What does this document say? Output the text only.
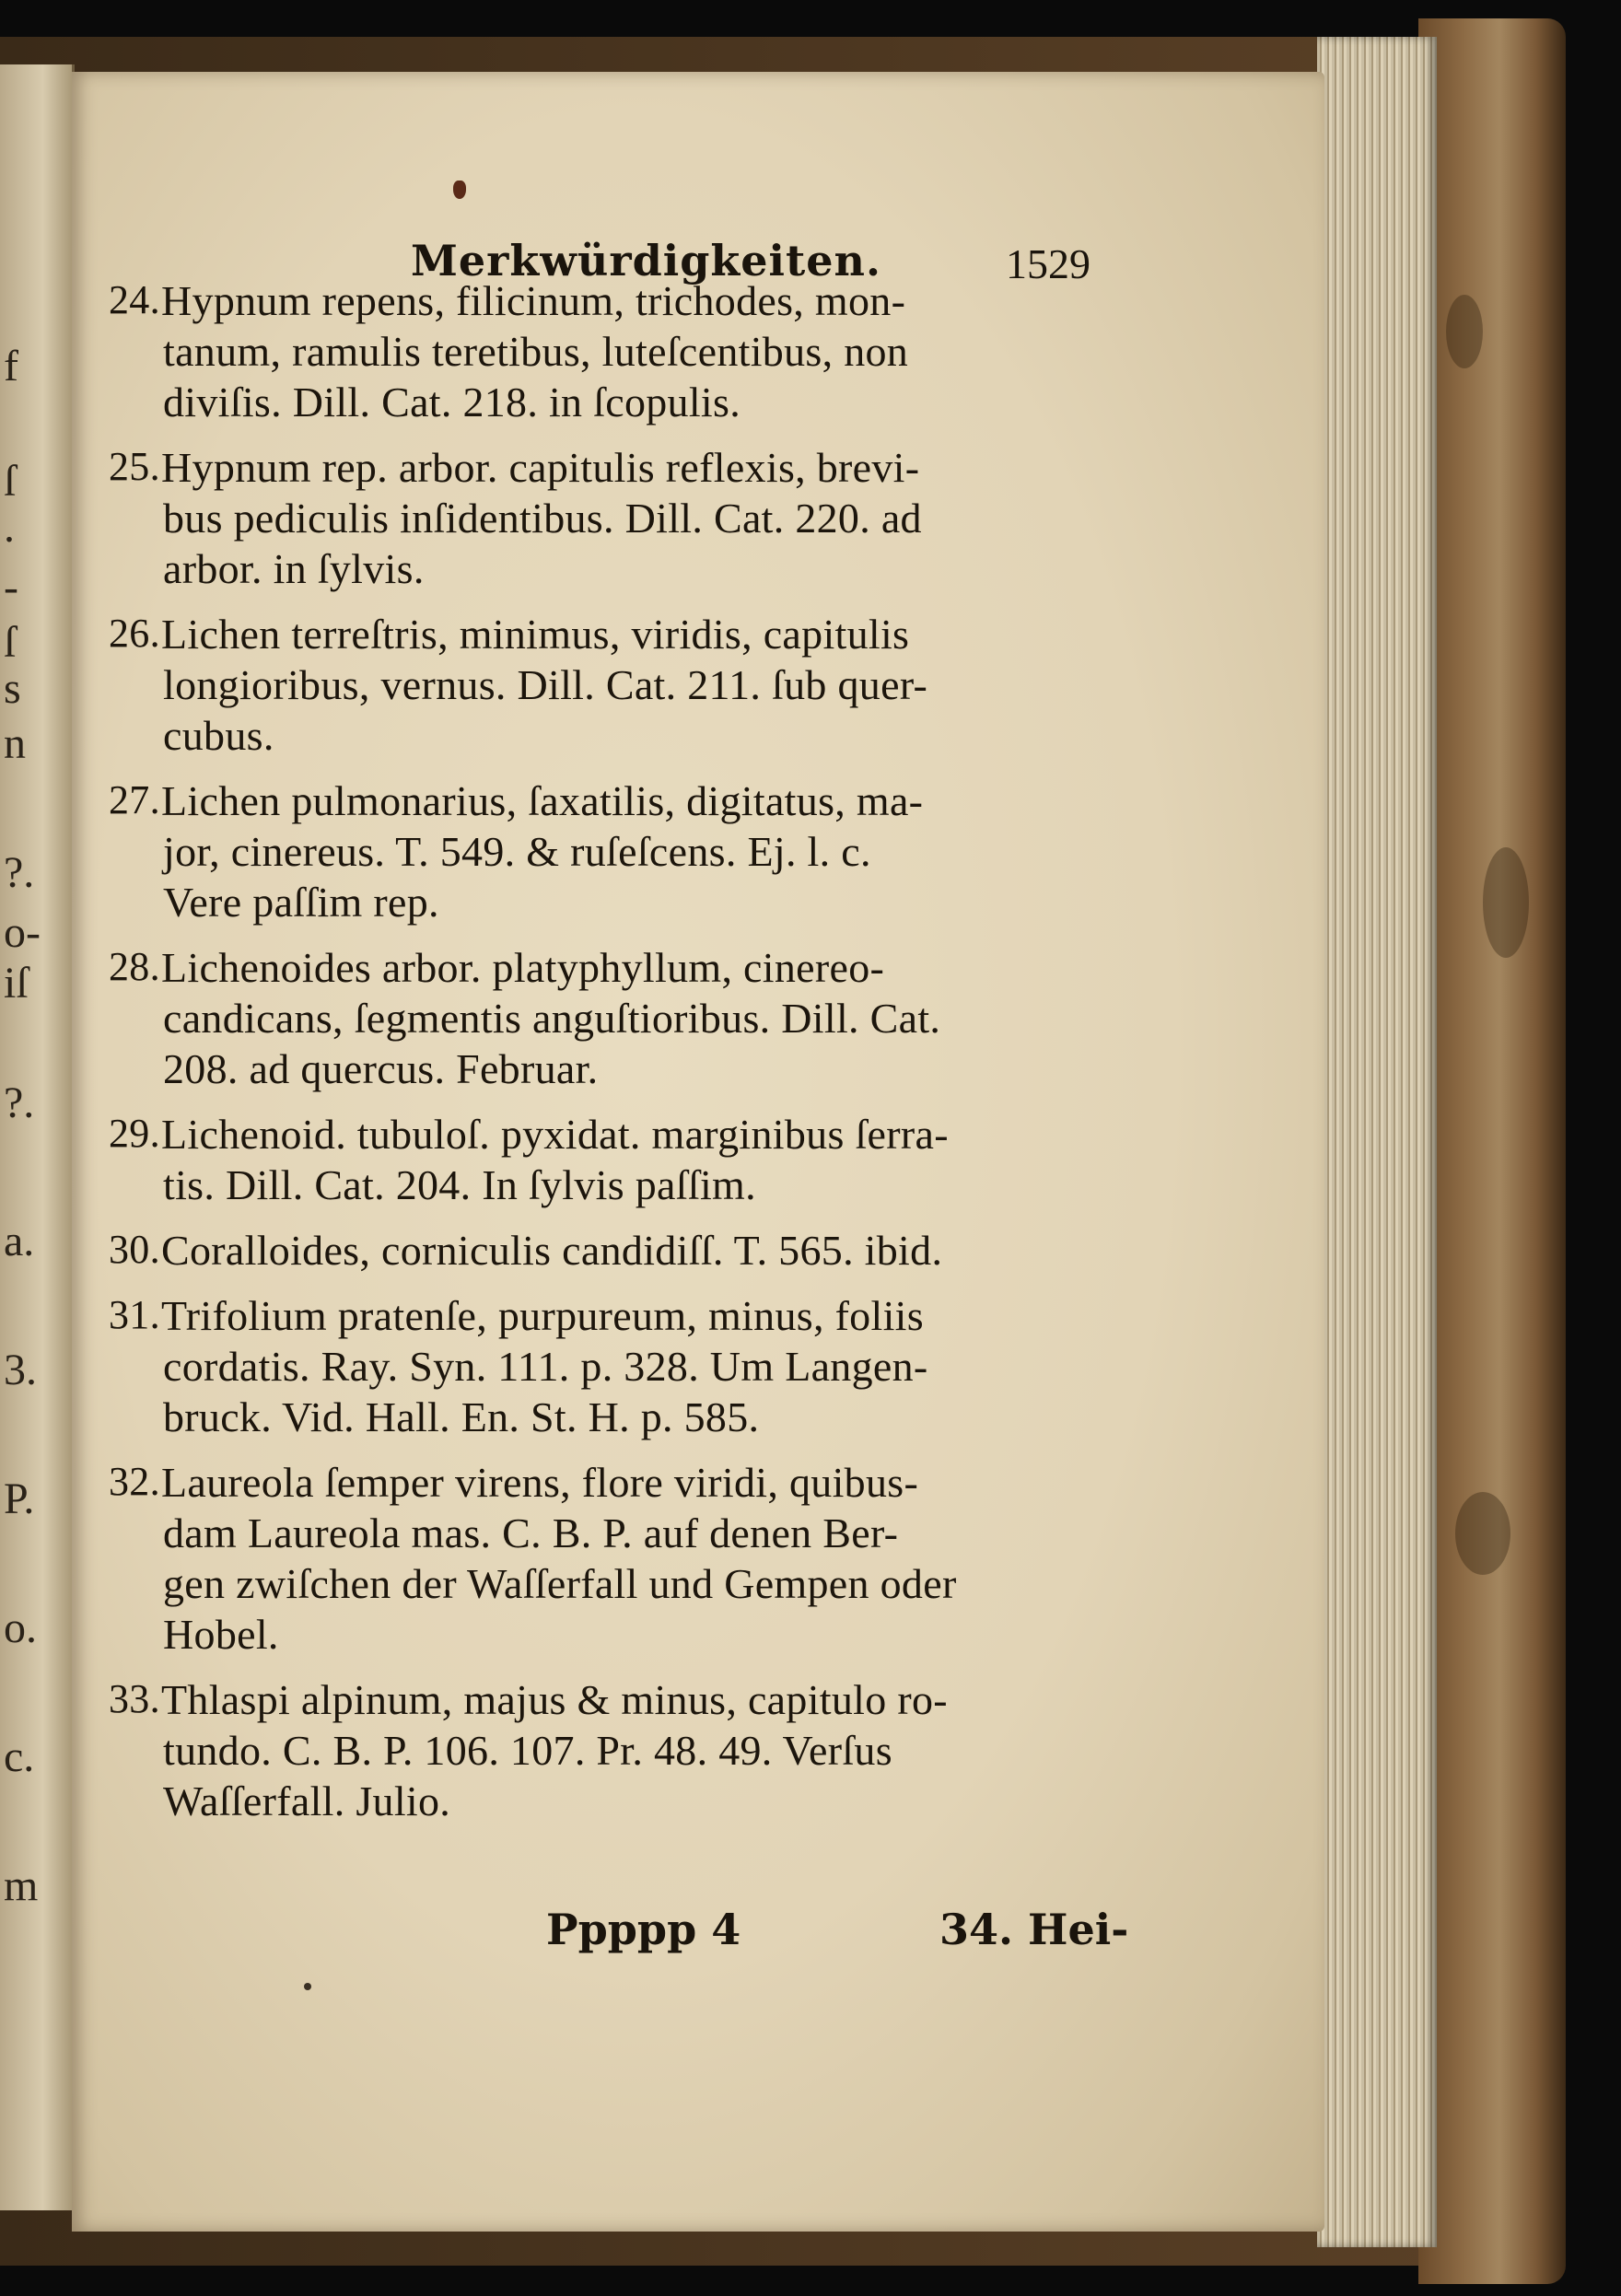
f
ſ
.
-
ſ
s
n
?.
o-
iſ
?.
a.
3.
P.
o.
c.
m
Merkwürdigkeiten.	1529
24. Hypnum repens, filicinum, trichodes, mon-
tanum, ramulis teretibus, luteſcentibus, non
diviſis. Dill. Cat. 218. in ſcopulis.
25. Hypnum rep. arbor. capitulis reflexis, brevi-
bus pediculis inſidentibus. Dill. Cat. 220. ad
arbor. in ſylvis.
26. Lichen terreſtris, minimus, viridis, capitulis
longioribus, vernus. Dill. Cat. 211. ſub quer-
cubus.
27. Lichen pulmonarius, ſaxatilis, digitatus, ma-
jor, cinereus. T. 549. & ruſeſcens. Ej. l. c.
Vere paſſim rep.
28. Lichenoides arbor. platyphyllum, cinereo-
candicans, ſegmentis anguſtioribus. Dill. Cat.
208. ad quercus. Februar.
29. Lichenoid. tubuloſ. pyxidat. marginibus ſerra-
tis. Dill. Cat. 204. In ſylvis paſſim.
30. Coralloides, corniculis candidiſſ. T. 565. ibid.
31. Trifolium pratenſe, purpureum, minus, foliis
cordatis. Ray. Syn. 111. p. 328. Um Langen-
bruck. Vid. Hall. En. St. H. p. 585.
32. Laureola ſemper virens, flore viridi, quibus-
dam Laureola mas. C. B. P. auf denen Ber-
gen zwiſchen der Waſſerfall und Gempen oder
Hobel.
33. Thlaspi alpinum, majus & minus, capitulo ro-
tundo. C. B. P. 106. 107. Pr. 48. 49. Verſus
Waſſerfall. Julio.
Ppppp 4	34. Hei-
